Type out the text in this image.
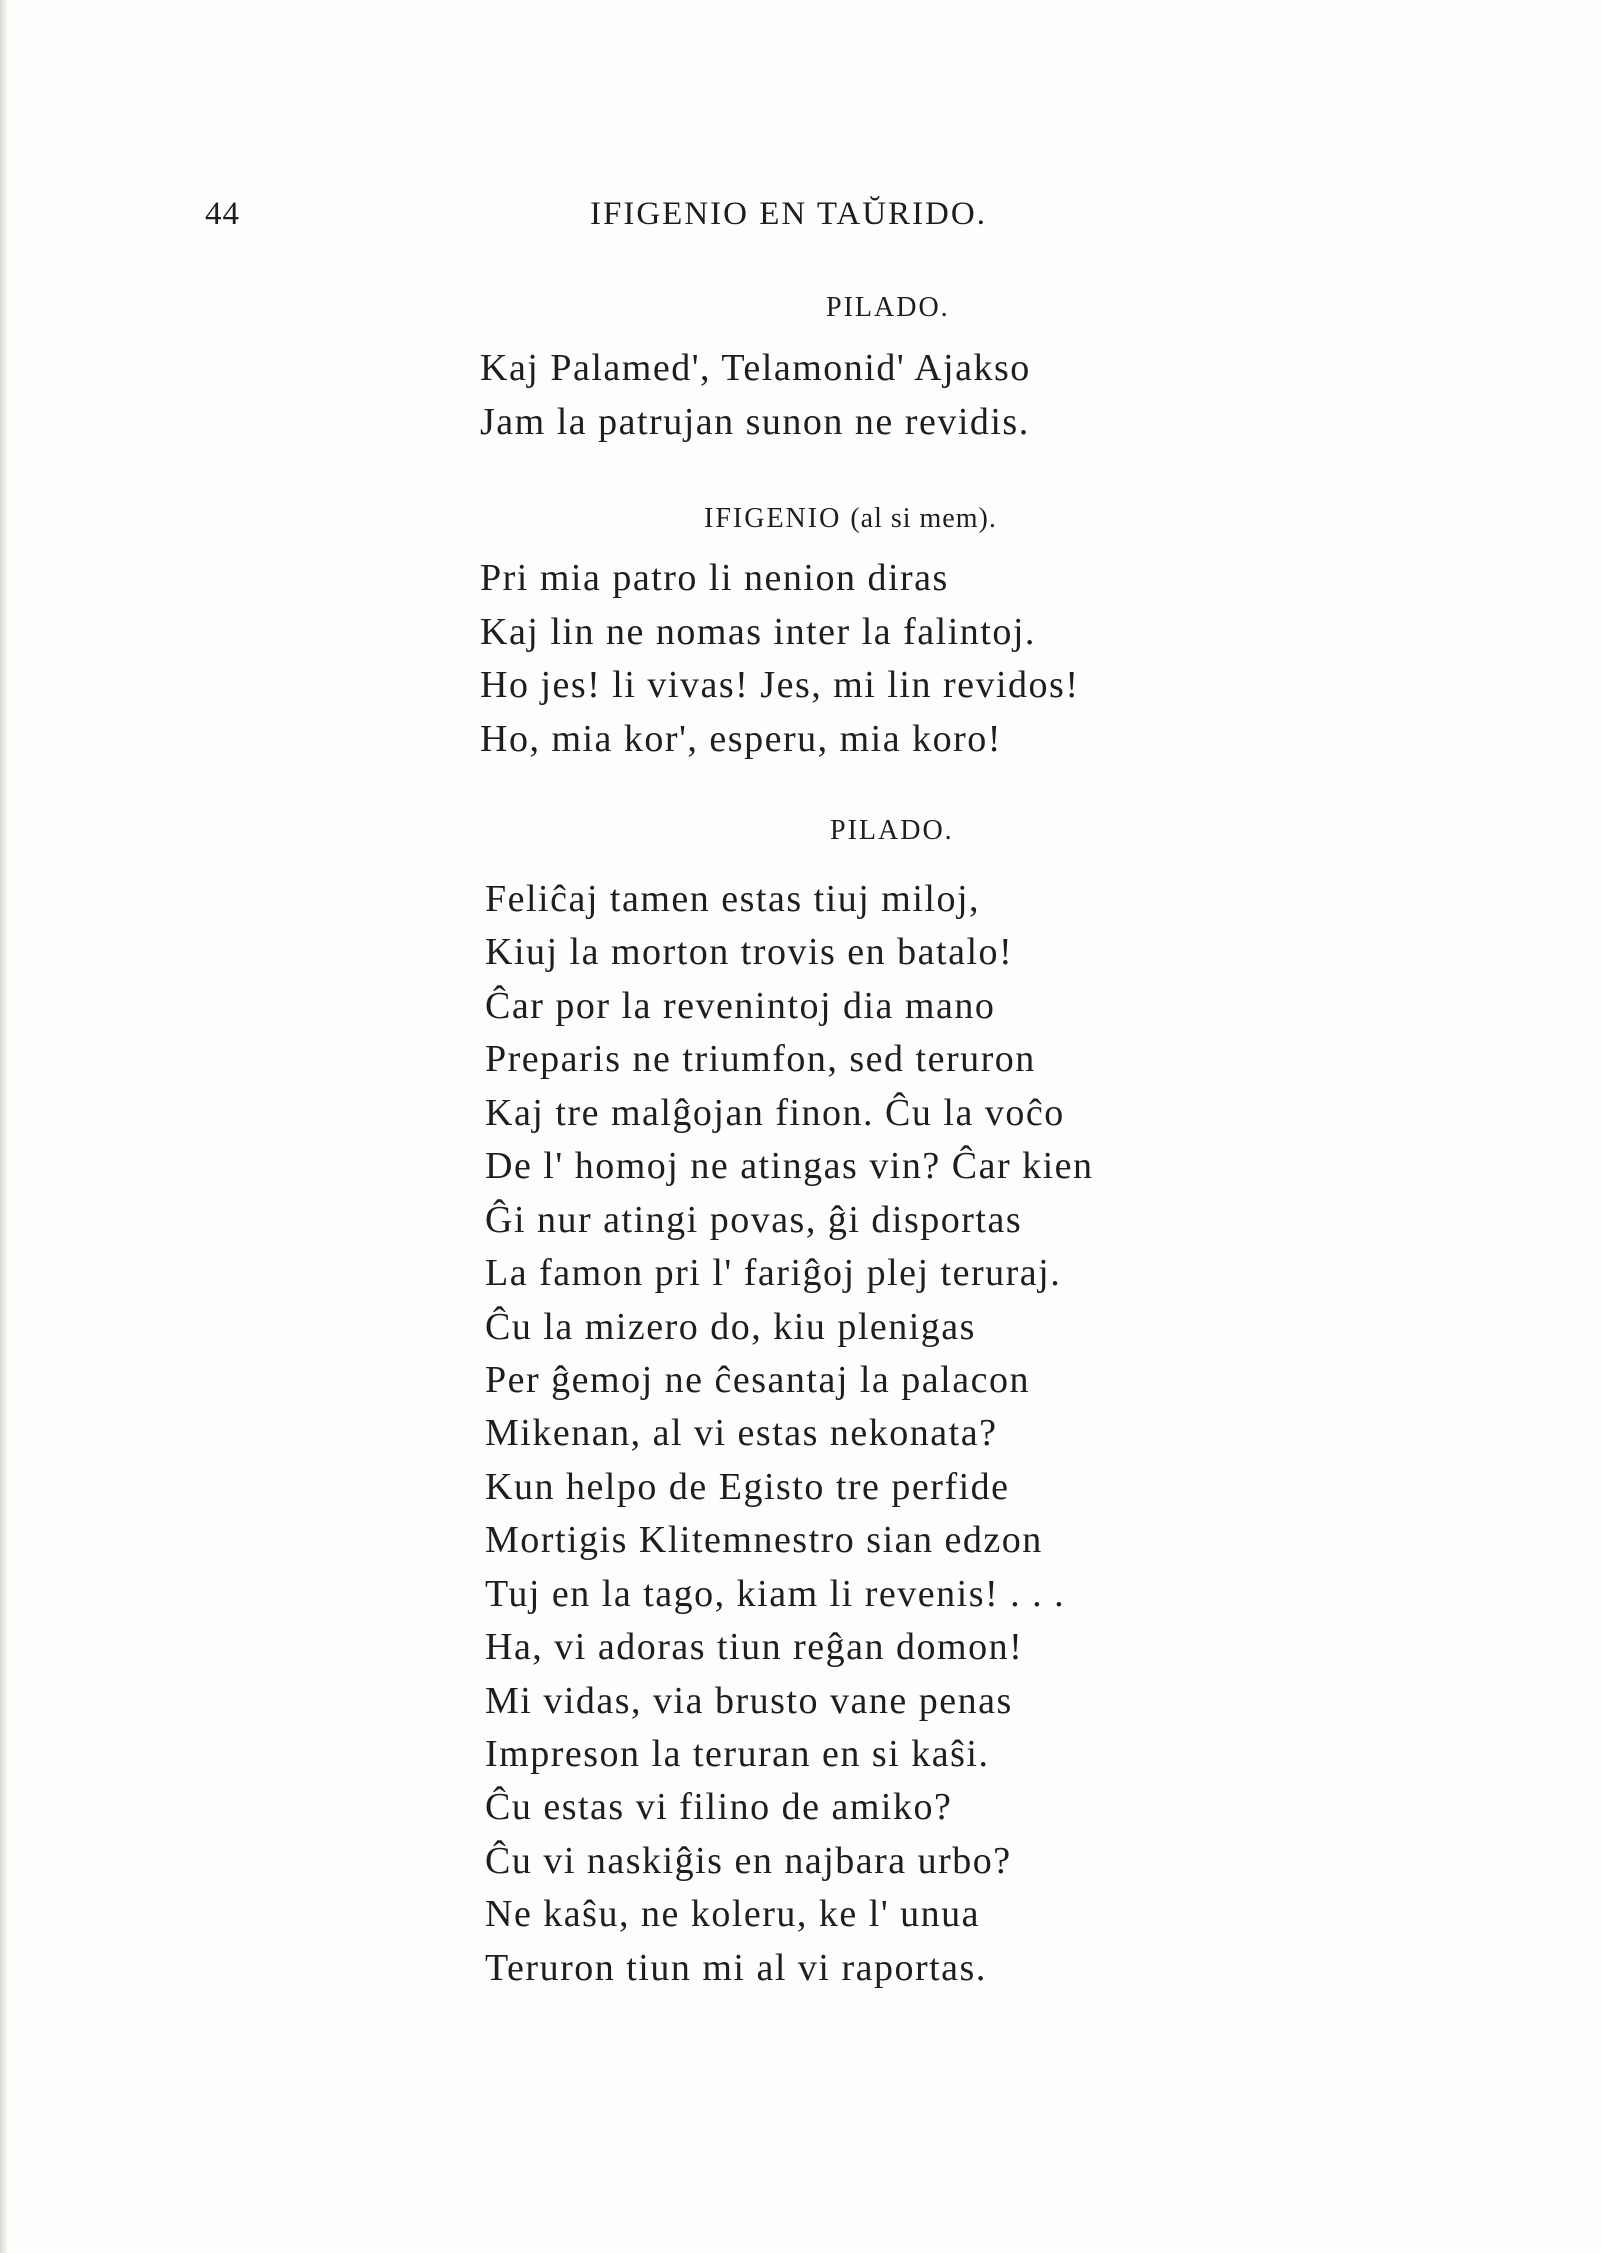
44	IFIGENIO EN TAŬRIDO.
PILADO.
Kaj Palamed', Telamonid' Ajakso
Jam la patrujan sunon ne revidis.
IFIGENIO (al si mem).
Pri mia patro li nenion diras
Kaj lin ne nomas inter la falintoj.
Ho jes! li vivas! Jes, mi lin revidos!
Ho, mia kor', esperu, mia koro!
PILADO.
Feliĉaj tamen estas tiuj miloj,
Kiuj la morton trovis en batalo!
Ĉar por la revenintoj dia mano
Preparis ne triumfon, sed teruron
Kaj tre malĝojan finon. Ĉu la voĉo
De l' homoj ne atingas vin? Ĉar kien
Ĝi nur atingi povas, ĝi disportas
La famon pri l' fariĝoj plej teruraj.
Ĉu la mizero do, kiu plenigas
Per ĝemoj ne ĉesantaj la palacon
Mikenan, al vi estas nekonata?
Kun helpo de Egisto tre perfide
Mortigis Klitemnestro sian edzon
Tuj en la tago, kiam li revenis! . . .
Ha, vi adoras tiun reĝan domon!
Mi vidas, via brusto vane penas
Impreson la teruran en si kaŝi.
Ĉu estas vi filino de amiko?
Ĉu vi naskiĝis en najbara urbo?
Ne kaŝu, ne koleru, ke l' unua
Teruron tiun mi al vi raportas.
